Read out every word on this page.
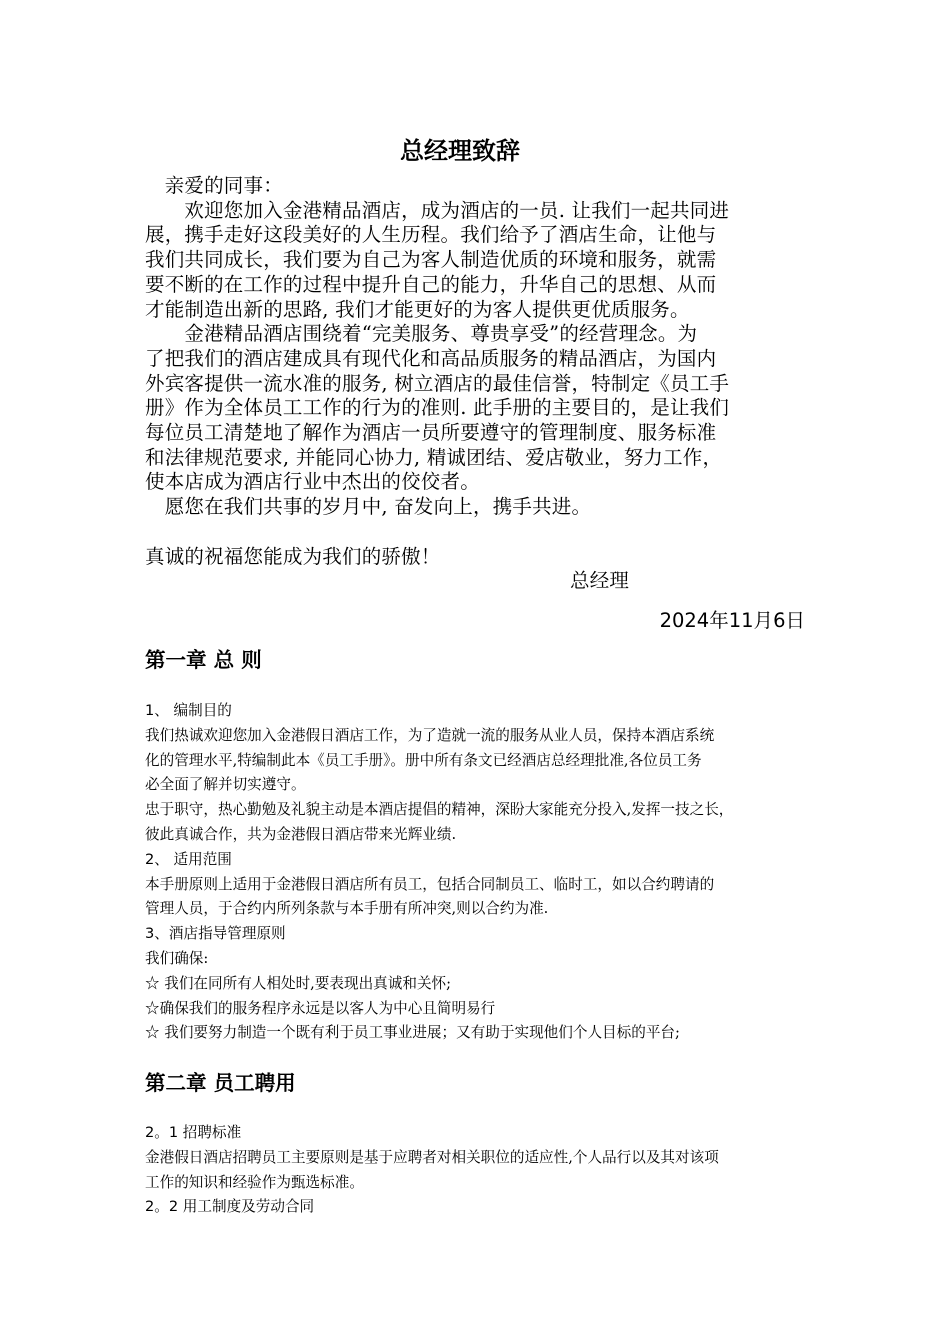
总经理致辞

　亲爱的同事：

　　欢迎您加入金港精品酒店，成为酒店的一员. 让我们一起共同进

展，携手走好这段美好的人生历程。我们给予了酒店生命，让他与

我们共同成长，我们要为自己为客人制造优质的环境和服务，就需

要不断的在工作的过程中提升自己的能力，升华自己的思想、从而

才能制造出新的思路, 我们才能更好的为客人提供更优质服务。

　　金港精品酒店围绕着“完美服务、尊贵享受”的经营理念。为

了把我们的酒店建成具有现代化和高品质服务的精品酒店，为国内

外宾客提供一流水准的服务, 树立酒店的最佳信誉，特制定《员工手

册》作为全体员工工作的行为的准则. 此手册的主要目的，是让我们

每位员工清楚地了解作为酒店一员所要遵守的管理制度、服务标准

和法律规范要求, 并能同心协力, 精诚团结、爱店敬业，努力工作，

使本店成为酒店行业中杰出的佼佼者。

　愿您在我们共事的岁月中, 奋发向上，携手共进。

真诚的祝福您能成为我们的骄傲！

总经理

2024年11月6日
第一章 总 则

1、 编制目的

我们热诚欢迎您加入金港假日酒店工作，为了造就一流的服务从业人员，保持本酒店系统

化的管理水平,特编制此本《员工手册》。册中所有条文已经酒店总经理批准,各位员工务

必全面了解并切实遵守。

忠于职守，热心勤勉及礼貌主动是本酒店提倡的精神，深盼大家能充分投入,发挥一技之长，

彼此真诚合作，共为金港假日酒店带来光辉业绩.

2、 适用范围

本手册原则上适用于金港假日酒店所有员工，包括合同制员工、临时工，如以合约聘请的

管理人员，于合约内所列条款与本手册有所冲突,则以合约为准.

3、酒店指导管理原则

我们确保:

☆ 我们在同所有人相处时,要表现出真诚和关怀;

☆确保我们的服务程序永远是以客人为中心且简明易行

☆ 我们要努力制造一个既有利于员工事业进展；又有助于实现他们个人目标的平台;

第二章 员工聘用

2。1 招聘标准

金港假日酒店招聘员工主要原则是基于应聘者对相关职位的适应性,个人品行以及其对该项

工作的知识和经验作为甄选标准。

2。2 用工制度及劳动合同
